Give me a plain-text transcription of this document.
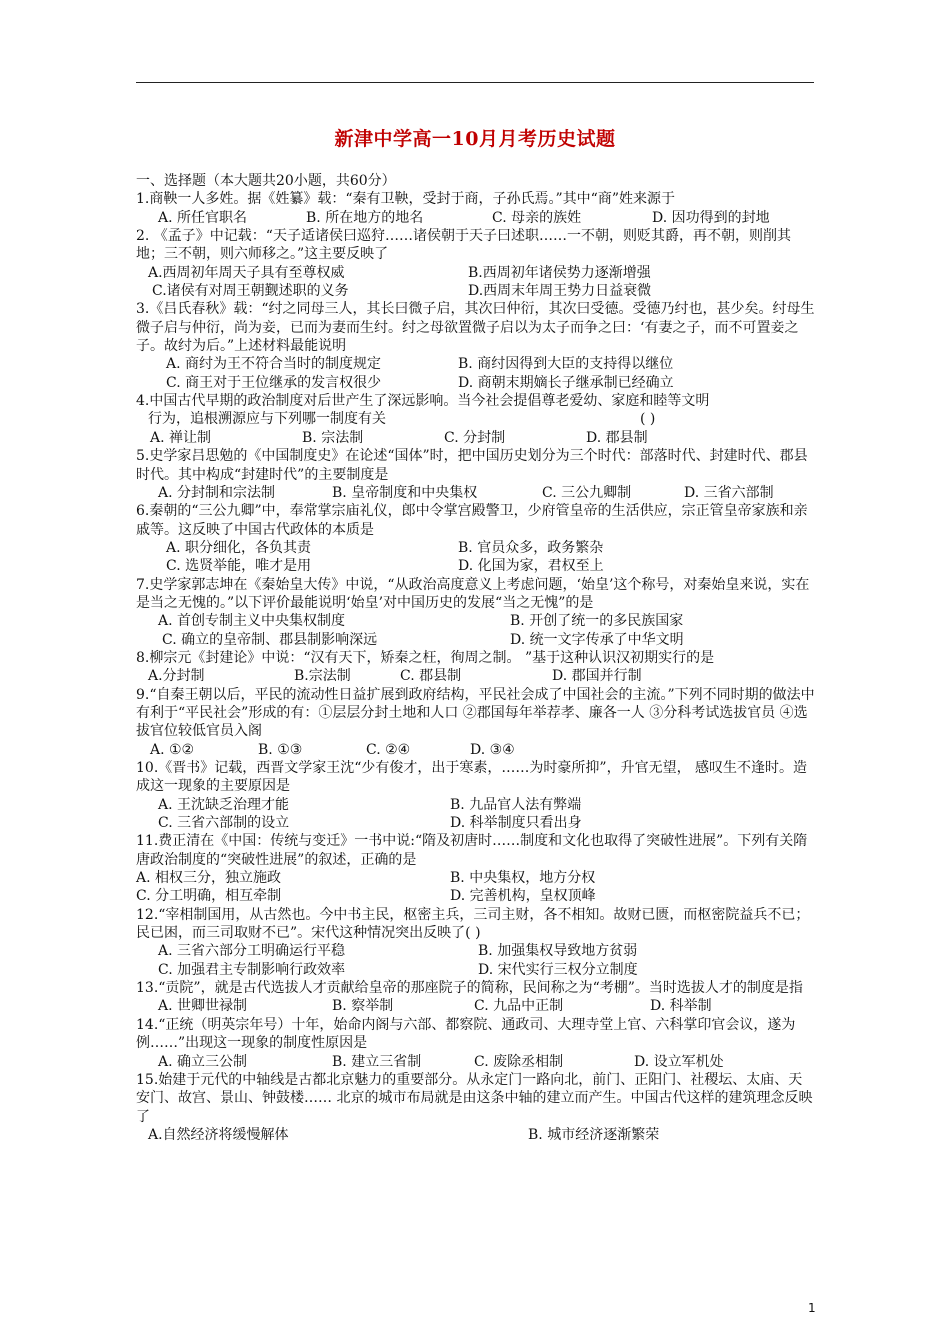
新津中学高一10月月考历史试题
一、选择题（本大题共20小题，共60分）
1.商鞅一人多姓。据《姓纂》载：“秦有卫鞅，受封于商，子孙氏焉。”其中“商”姓来源于
A. 所任官职名	B. 所在地方的地名	C. 母亲的族姓	D. 因功得到的封地
2. 《孟子》中记载：“天子适诸侯曰巡狩……诸侯朝于天子曰述职……一不朝，则贬其爵，再不朝，则削其地；三不朝，则六师移之。”这主要反映了
A.西周初年周天子具有至尊权威	B.西周初年诸侯势力逐渐增强
C.诸侯有对周王朝觐述职的义务	D.西周末年周王势力日益衰微
3.《吕氏春秋》载：“纣之同母三人，其长曰微子启，其次曰仲衍，其次曰受德。受德乃纣也，甚少矣。纣母生微子启与仲衍，尚为妾，已而为妻而生纣。纣之母欲置微子启以为太子而争之曰：‘有妻之子，而不可置妾之子。故纣为后。”上述材料最能说明
A. 商纣为王不符合当时的制度规定	B. 商纣因得到大臣的支持得以继位
C. 商王对于王位继承的发言权很少	D. 商朝末期嫡长子继承制已经确立
4.中国古代早期的政治制度对后世产生了深远影响。当今社会提倡尊老爱幼、家庭和睦等文明
行为，追根溯源应与下列哪一制度有关	( )
A. 禅让制	B. 宗法制	C. 分封制	D. 郡县制
5.史学家吕思勉的《中国制度史》在论述“国体”时，把中国历史划分为三个时代：部落时代、封建时代、郡县时代。其中构成“封建时代”的主要制度是
A. 分封制和宗法制	B. 皇帝制度和中央集权	C. 三公九卿制	D. 三省六部制
6.秦朝的“三公九卿”中，奉常掌宗庙礼仪，郎中令掌宫殿警卫，少府管皇帝的生活供应，宗正管皇帝家族和亲戚等。这反映了中国古代政体的本质是
A. 职分细化，各负其责	B. 官员众多，政务繁杂
C. 选贤举能，唯才是用	D. 化国为家，君权至上
7.史学家郭志坤在《秦始皇大传》中说，“从政治高度意义上考虑问题，‘始皇’这个称号，对秦始皇来说，实在是当之无愧的。”以下评价最能说明‘始皇’对中国历史的发展“当之无愧”的是
A. 首创专制主义中央集权制度	B. 开创了统一的多民族国家
C. 确立的皇帝制、郡县制影响深远	D. 统一文字传承了中华文明
8.柳宗元《封建论》中说：“汉有天下，矫秦之枉，徇周之制。 ”基于这种认识汉初期实行的是
A.分封制	B.宗法制	C. 郡县制	D. 郡国并行制
9.“自秦王朝以后，平民的流动性日益扩展到政府结构，平民社会成了中国社会的主流。”下列不同时期的做法中有利于“平民社会”形成的有：①层层分封土地和人口 ②郡国每年举荐孝、廉各一人 ③分科考试选拔官员 ④选拔官位较低官员入阁
A. ①②	B. ①③	C. ②④	D. ③④
10.《晋书》记载，西晋文学家王沈“少有俊才，出于寒素，……为时豪所抑”，升官无望， 感叹生不逢时。造成这一现象的主要原因是
A. 王沈缺乏治理才能	B. 九品官人法有弊端
C. 三省六部制的设立	D. 科举制度只看出身
11.费正清在《中国：传统与变迁》一书中说:“隋及初唐时……制度和文化也取得了突破性进展”。下列有关隋唐政治制度的“突破性进展”的叙述，正确的是
A. 相权三分，独立施政	B. 中央集权，地方分权
C. 分工明确，相互牵制	D. 完善机构，皇权顶峰
12.“宰相制国用，从古然也。今中书主民，枢密主兵，三司主财，各不相知。故财已匮，而枢密院益兵不已；民已困，而三司取财不已”。宋代这种情况突出反映了( )
A. 三省六部分工明确运行平稳	B. 加强集权导致地方贫弱
C. 加强君主专制影响行政效率	D. 宋代实行三权分立制度
13.“贡院”，就是古代选拔人才贡献给皇帝的那座院子的简称，民间称之为“考棚”。当时选拔人才的制度是指
A. 世卿世禄制	B. 察举制	C. 九品中正制	D. 科举制
14.“正统（明英宗年号）十年，始命内阁与六部、都察院、通政司、大理寺堂上官、六科掌印官会议，遂为例……”出现这一现象的制度性原因是
A. 确立三公制	B. 建立三省制	C. 废除丞相制	D. 设立军机处
15.始建于元代的中轴线是古都北京魅力的重要部分。从永定门一路向北，前门、正阳门、社稷坛、太庙、天安门、故宫、景山、钟鼓楼…… 北京的城市布局就是由这条中轴的建立而产生。中国古代这样的建筑理念反映了
A.自然经济将缓慢解体	B. 城市经济逐渐繁荣
1
